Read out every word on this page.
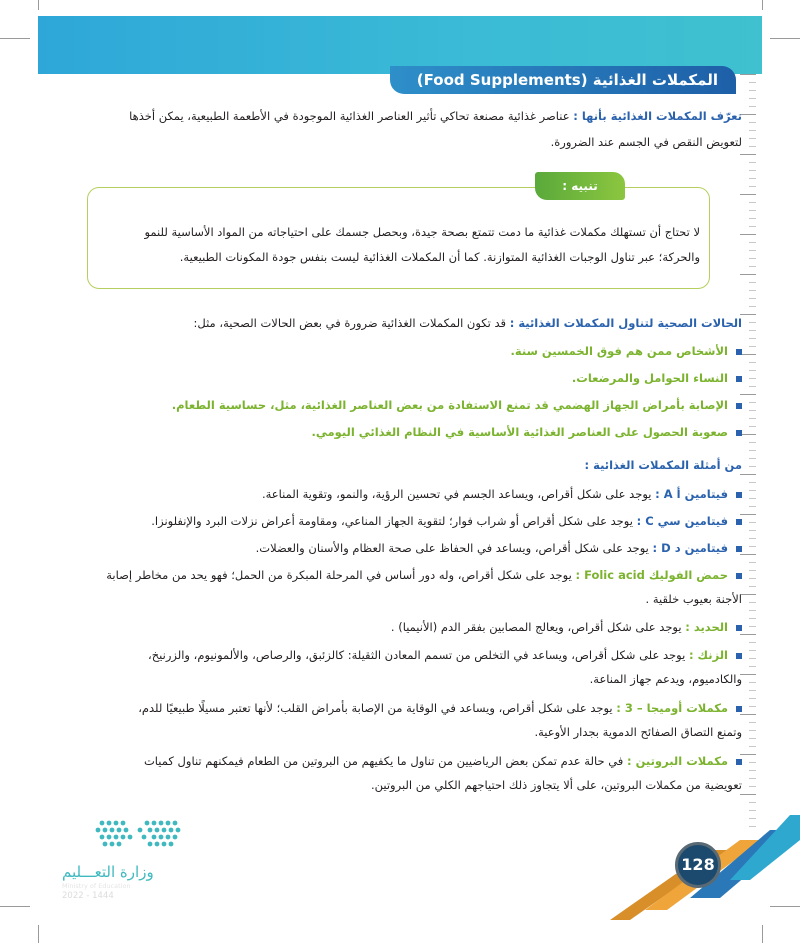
المكملات الغذائية (Food Supplements)
تعرّف المكملات الغذائية بأنها : عناصر غذائية مصنعة تحاكي تأثير العناصر الغذائية الموجودة في الأطعمة الطبيعية، يمكن أخذها
لتعويض النقص في الجسم عند الضرورة.
تنبيه :
لا تحتاج أن تستهلك مكملات غذائية ما دمت تتمتع بصحة جيدة، وبحصل جسمك على احتياجاته من المواد الأساسية للنمو
والحركة؛ عبر تناول الوجبات الغذائية المتوازنة. كما أن المكملات الغذائية ليست بنفس جودة المكونات الطبيعية.
الحالات الصحية لتناول المكملات الغذائية : قد تكون المكملات الغذائية ضرورة في بعض الحالات الصحية، مثل:
الأشخاص ممن هم فوق الخمسين سنة.
النساء الحوامل والمرضعات.
الإصابة بأمراض الجهاز الهضمي قد تمنع الاستفادة من بعض العناصر الغذائية، مثل، حساسية الطعام.
صعوبة الحصول على العناصر الغذائية الأساسية في النظام الغذائي اليومي.
من أمثلة المكملات الغذائية :
فيتامين أ A : يوجد على شكل أقراص، ويساعد الجسم في تحسين الرؤية، والنمو، وتقوية المناعة.
فيتامين سي C : يوجد على شكل أقراص أو شراب فوار؛ لتقوية الجهاز المناعي، ومقاومة أعراض نزلات البرد والإنفلونزا.
فيتامين د D : يوجد على شكل أقراص، ويساعد في الحفاظ على صحة العظام والأسنان والعضلات.
حمض الفوليك Folic acid : يوجد على شكل أقراص، وله دور أساس في المرحلة المبكرة من الحمل؛ فهو يحد من مخاطر إصابة
الأجنة بعيوب خلقية .
الحديد : يوجد على شكل أقراص، ويعالج المصابين بفقر الدم (الأنيميا) .
الزنك : يوجد على شكل أقراص، ويساعد في التخلص من تسمم المعادن الثقيلة: كالزئبق، والرصاص، والألمونيوم، والزرنيخ،
والكادميوم، ويدعم جهاز المناعة.
مكملات أوميجا – 3 : يوجد على شكل أقراص، ويساعد في الوقاية من الإصابة بأمراض القلب؛ لأنها تعتبر مسيلًا طبيعيًا للدم،
وتمنع التصاق الصفائح الدموية بجدار الأوعية.
مكملات البروتين : في حالة عدم تمكن بعض الرياضيين من تناول ما يكفيهم من البروتين من الطعام فيمكنهم تناول كميات
تعويضية من مكملات البروتين، على ألا يتجاوز ذلك احتياجهم الكلي من البروتين.
وزارة التعـــليم
Ministry of Education
2022 - 1444
128
